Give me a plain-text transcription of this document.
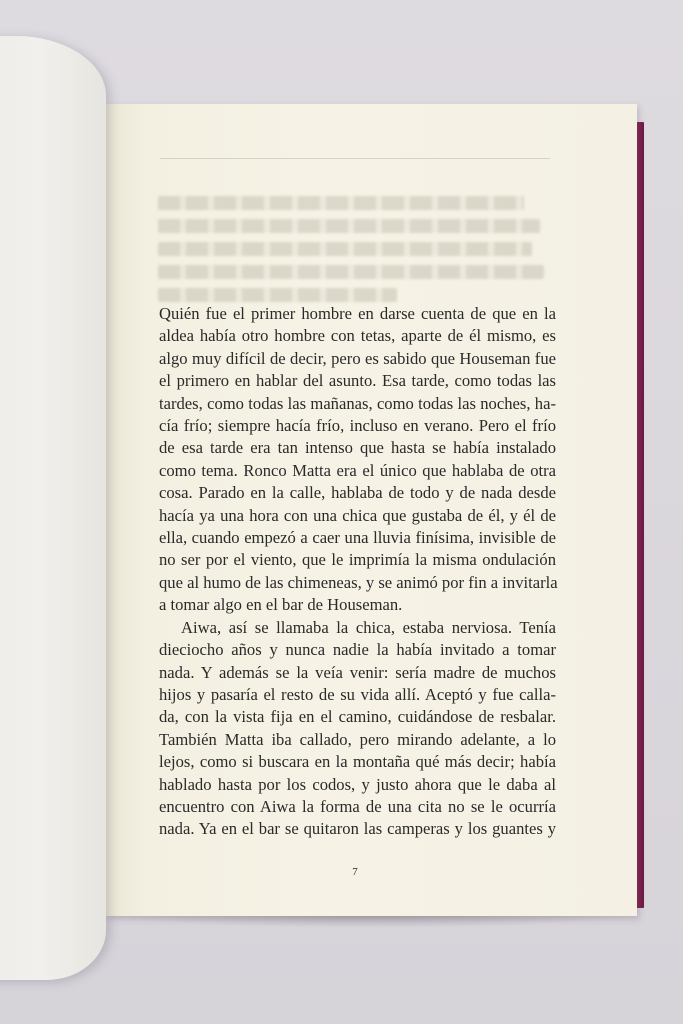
Quién fue el primer hombre en darse cuenta de que en la
aldea había otro hombre con tetas, aparte de él mismo, es
algo muy difícil de decir, pero es sabido que Houseman fue
el primero en hablar del asunto. Esa tarde, como todas las
tardes, como todas las mañanas, como todas las noches, ha-
cía frío; siempre hacía frío, incluso en verano. Pero el frío
de esa tarde era tan intenso que hasta se había instalado
como tema. Ronco Matta era el único que hablaba de otra
cosa. Parado en la calle, hablaba de todo y de nada desde
hacía ya una hora con una chica que gustaba de él, y él de
ella, cuando empezó a caer una lluvia finísima, invisible de
no ser por el viento, que le imprimía la misma ondulación
que al humo de las chimeneas, y se animó por fin a invitarla
a tomar algo en el bar de Houseman.

Aiwa, así se llamaba la chica, estaba nerviosa. Tenía
dieciocho años y nunca nadie la había invitado a tomar
nada. Y además se la veía venir: sería madre de muchos
hijos y pasaría el resto de su vida allí. Aceptó y fue calla-
da, con la vista fija en el camino, cuidándose de resbalar.
También Matta iba callado, pero mirando adelante, a lo
lejos, como si buscara en la montaña qué más decir; había
hablado hasta por los codos, y justo ahora que le daba al
encuentro con Aiwa la forma de una cita no se le ocurría
nada. Ya en el bar se quitaron las camperas y los guantes y

7
